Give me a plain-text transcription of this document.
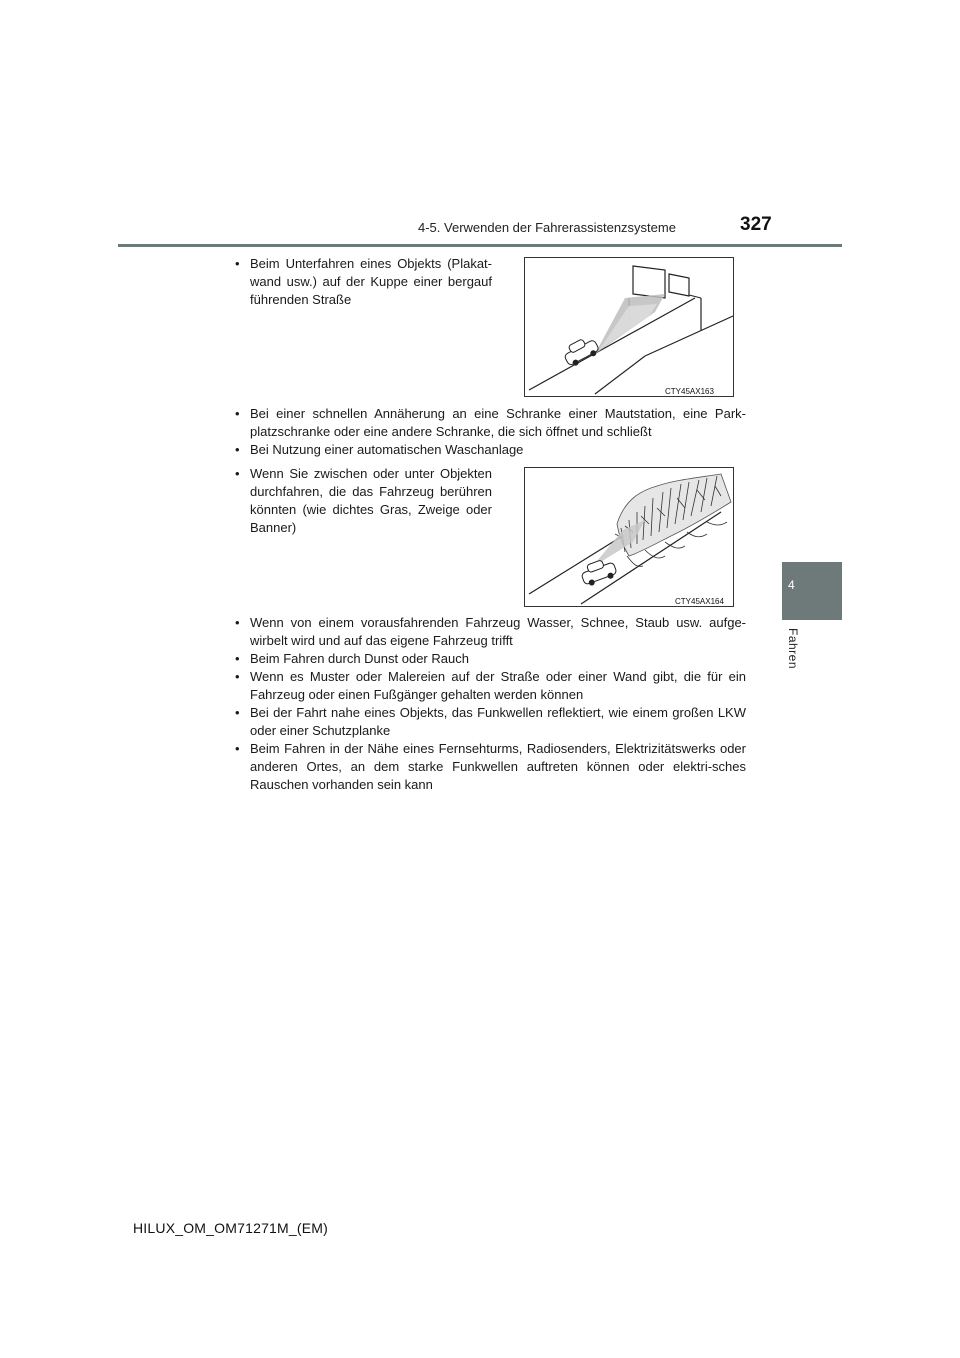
4-5. Verwenden der Fahrerassistenzsysteme	327
4
Fahren
• Beim Unterfahren eines Objekts (Plakat-wand usw.) auf der Kuppe einer bergauf führenden Straße
CTY45AX163
• Bei einer schnellen Annäherung an eine Schranke einer Mautstation, eine Park-platzschranke oder eine andere Schranke, die sich öffnet und schließt
• Bei Nutzung einer automatischen Waschanlage
• Wenn Sie zwischen oder unter Objekten durchfahren, die das Fahrzeug berühren könnten (wie dichtes Gras, Zweige oder Banner)
CTY45AX164
• Wenn von einem vorausfahrenden Fahrzeug Wasser, Schnee, Staub usw. aufge-wirbelt wird und auf das eigene Fahrzeug trifft
• Beim Fahren durch Dunst oder Rauch
• Wenn es Muster oder Malereien auf der Straße oder einer Wand gibt, die für ein Fahrzeug oder einen Fußgänger gehalten werden können
• Bei der Fahrt nahe eines Objekts, das Funkwellen reflektiert, wie einem großen LKW oder einer Schutzplanke
• Beim Fahren in der Nähe eines Fernsehturms, Radiosenders, Elektrizitätswerks oder anderen Ortes, an dem starke Funkwellen auftreten können oder elektri-sches Rauschen vorhanden sein kann
HILUX_OM_OM71271M_(EM)
